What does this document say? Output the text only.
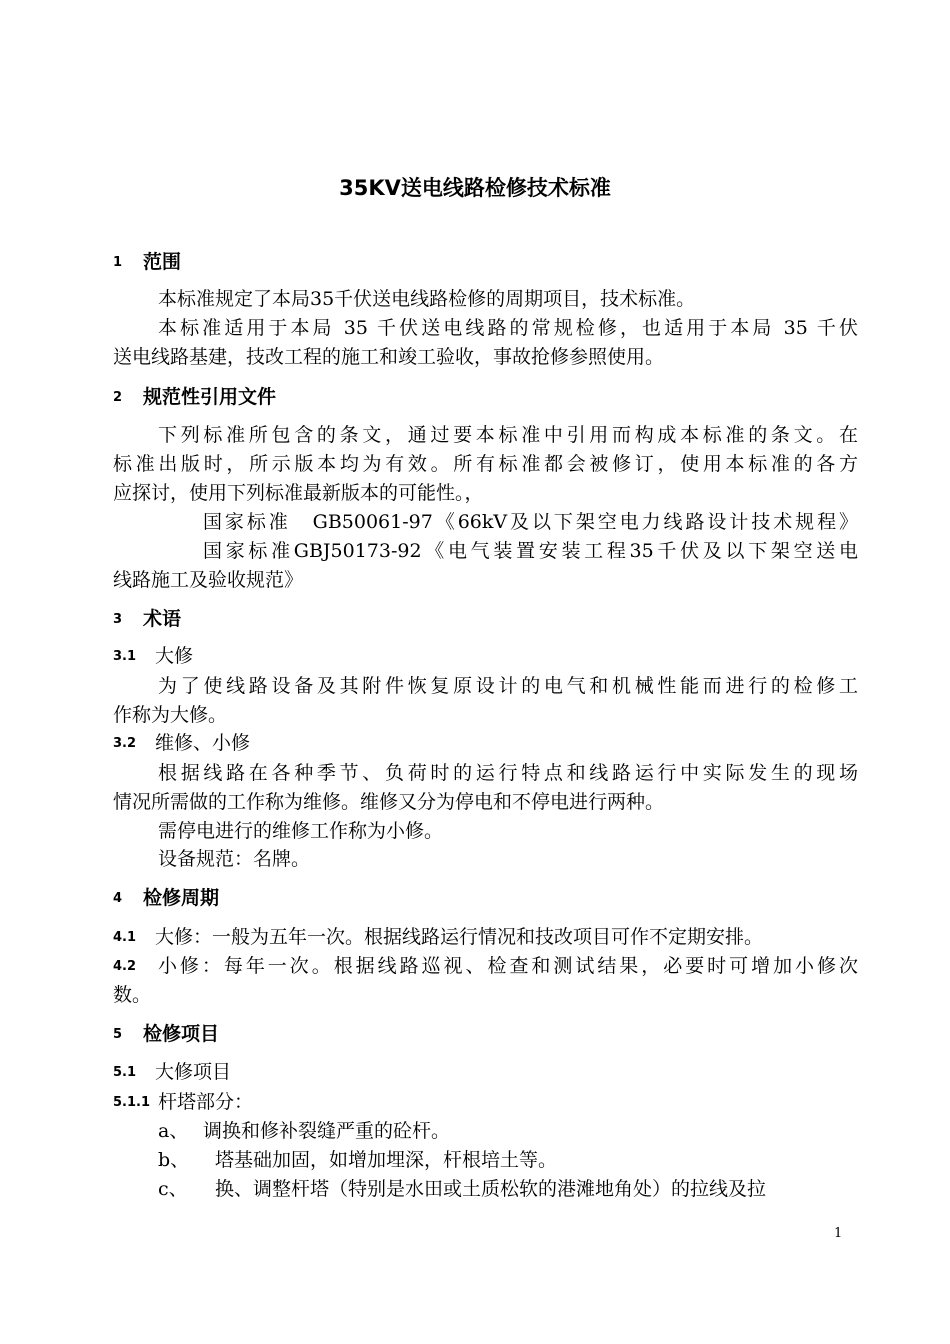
35KV送电线路检修技术标准
1 范围
本标准规定了本局35千伏送电线路检修的周期项目，技术标准。
本标准适用于本局 35 千伏送电线路的常规检修，也适用于本局 35 千伏
送电线路基建，技改工程的施工和竣工验收，事故抢修参照使用。
2 规范性引用文件
下列标准所包含的条文，通过要本标准中引用而构成本标准的条文。在
标准出版时，所示版本均为有效。所有标准都会被修订，使用本标准的各方
应探讨，使用下列标准最新版本的可能性。，
国家标准　GB50061-97《66kV及以下架空电力线路设计技术规程》
国家标准GBJ50173-92《电气装置安装工程35千伏及以下架空送电
线路施工及验收规范》
3 术语
3.1 大修
为了使线路设备及其附件恢复原设计的电气和机械性能而进行的检修工
作称为大修。
3.2 维修、小修
根据线路在各种季节、负荷时的运行特点和线路运行中实际发生的现场
情况所需做的工作称为维修。维修又分为停电和不停电进行两种。
需停电进行的维修工作称为小修。
设备规范：名牌。
4 检修周期
4.1 大修：一般为五年一次。根据线路运行情况和技改项目可作不定期安排。
4.2 小修：每年一次。根据线路巡视、检查和测试结果，必要时可增加小修次
数。
5 检修项目
5.1 大修项目
5.1.1 杆塔部分：
a、 调换和修补裂缝严重的砼杆。
b、 塔基础加固，如增加埋深，杆根培土等。
c、 换、调整杆塔（特别是水田或土质松软的港滩地角处）的拉线及拉
1
